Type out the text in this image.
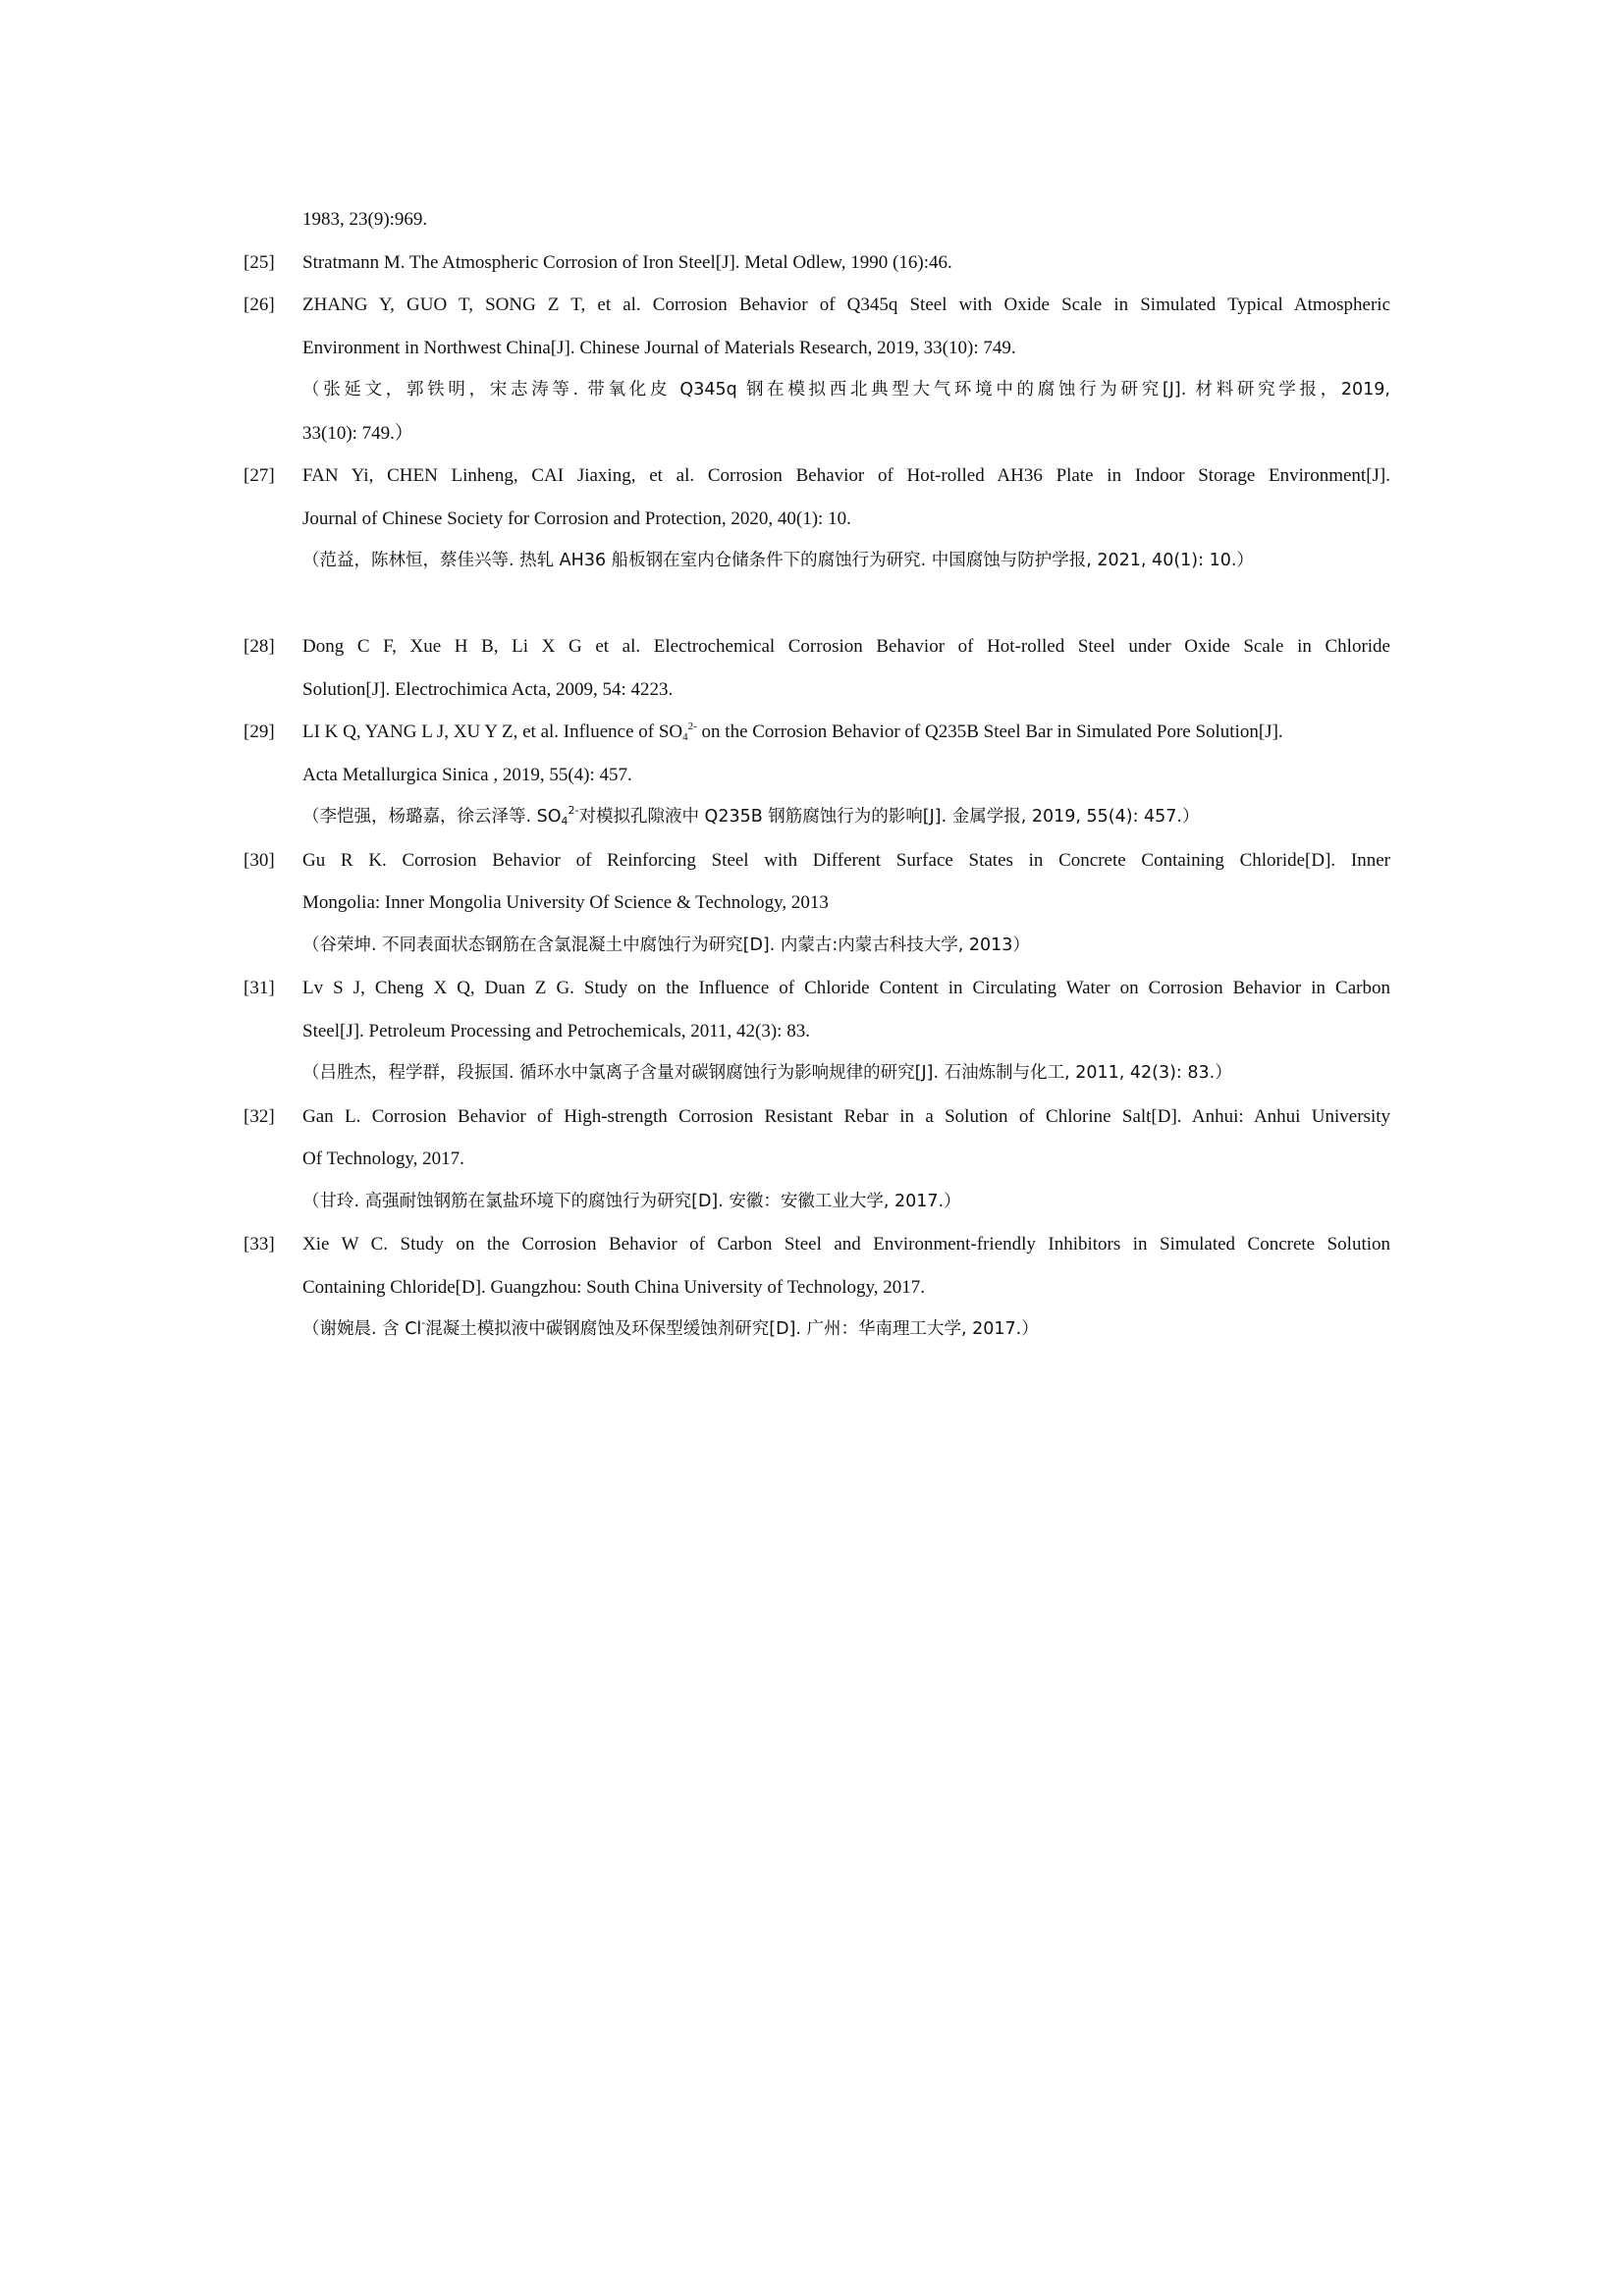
1983, 23(9):969.
[25]	Stratmann M. The Atmospheric Corrosion of Iron Steel[J]. Metal Odlew, 1990 (16):46.
[26]	ZHANG Y, GUO T, SONG Z T, et al. Corrosion Behavior of Q345q Steel with Oxide Scale in Simulated Typical Atmospheric
Environment in Northwest China[J]. Chinese Journal of Materials Research, 2019, 33(10): 749.
（张延文，郭铁明，宋志涛等. 带氧化皮 Q345q 钢在模拟西北典型大气环境中的腐蚀行为研究[J]. 材料研究学报，2019,
33(10): 749.）
[27]	FAN Yi, CHEN Linheng, CAI Jiaxing, et al. Corrosion Behavior of Hot-rolled AH36 Plate in Indoor Storage Environment[J].
Journal of Chinese Society for Corrosion and Protection, 2020, 40(1): 10.
（范益，陈林恒，蔡佳兴等. 热轧 AH36 船板钢在室内仓储条件下的腐蚀行为研究. 中国腐蚀与防护学报, 2021, 40(1): 10.）
[28]	Dong C F, Xue H B, Li X G et al. Electrochemical Corrosion Behavior of Hot-rolled Steel under Oxide Scale in Chloride
Solution[J]. Electrochimica Acta, 2009, 54: 4223.
[29]	LI K Q, YANG L J, XU Y Z, et al. Influence of $SO_4^{2-}$ on the Corrosion Behavior of Q235B Steel Bar in Simulated Pore Solution[J].
Acta Metallurgica Sinica , 2019, 55(4): 457.
（李恺强，杨璐嘉，徐云泽等. $SO_4^{2-}$对模拟孔隙液中 Q235B 钢筋腐蚀行为的影响[J]. 金属学报, 2019, 55(4): 457.）
[30]	Gu R K. Corrosion Behavior of Reinforcing Steel with Different Surface States in Concrete Containing Chloride[D]. Inner
Mongolia: Inner Mongolia University Of Science & Technology, 2013
（谷荣坤. 不同表面状态钢筋在含氯混凝土中腐蚀行为研究[D]. 内蒙古:内蒙古科技大学, 2013）
[31]	Lv S J, Cheng X Q, Duan Z G. Study on the Influence of Chloride Content in Circulating Water on Corrosion Behavior in Carbon
Steel[J]. Petroleum Processing and Petrochemicals, 2011, 42(3): 83.
（吕胜杰，程学群，段振国. 循环水中氯离子含量对碳钢腐蚀行为影响规律的研究[J]. 石油炼制与化工, 2011, 42(3): 83.）
[32]	Gan L. Corrosion Behavior of High-strength Corrosion Resistant Rebar in a Solution of Chlorine Salt[D]. Anhui: Anhui University
Of Technology, 2017.
（甘玲. 高强耐蚀钢筋在氯盐环境下的腐蚀行为研究[D]. 安徽：安徽工业大学, 2017.）
[33]	Xie W C. Study on the Corrosion Behavior of Carbon Steel and Environment-friendly Inhibitors in Simulated Concrete Solution
Containing Chloride[D]. Guangzhou: South China University of Technology, 2017.
（谢婉晨. 含 Cl-混凝土模拟液中碳钢腐蚀及环保型缓蚀剂研究[D]. 广州：华南理工大学, 2017.）
